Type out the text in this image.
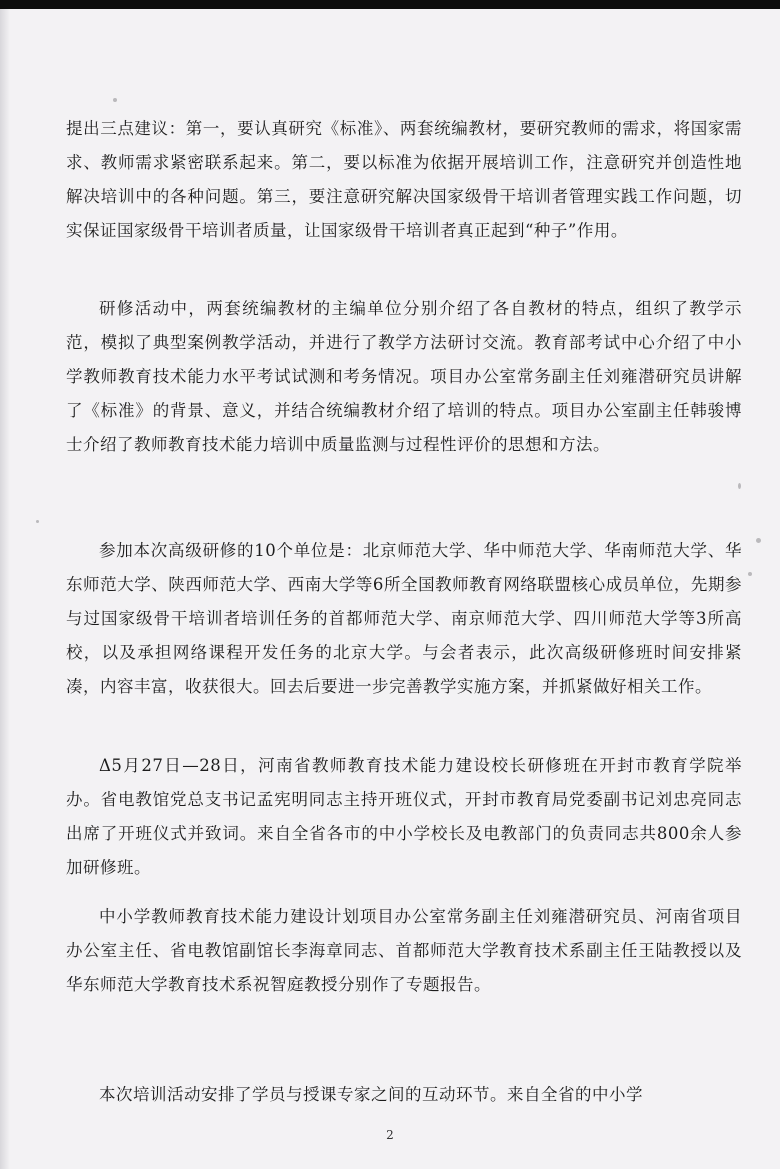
提出三点建议：第一，要认真研究《标准》、两套统编教材，要研究教师的需求，将国家需求、教师需求紧密联系起来。第二，要以标准为依据开展培训工作，注意研究并创造性地解决培训中的各种问题。第三，要注意研究解决国家级骨干培训者管理实践工作问题，切实保证国家级骨干培训者质量，让国家级骨干培训者真正起到“种子”作用。

研修活动中，两套统编教材的主编单位分别介绍了各自教材的特点，组织了教学示范，模拟了典型案例教学活动，并进行了教学方法研讨交流。教育部考试中心介绍了中小学教师教育技术能力水平考试试测和考务情况。项目办公室常务副主任刘雍潜研究员讲解了《标准》的背景、意义，并结合统编教材介绍了培训的特点。项目办公室副主任韩骏博士介绍了教师教育技术能力培训中质量监测与过程性评价的思想和方法。

参加本次高级研修的10个单位是：北京师范大学、华中师范大学、华南师范大学、华东师范大学、陕西师范大学、西南大学等6所全国教师教育网络联盟核心成员单位，先期参与过国家级骨干培训者培训任务的首都师范大学、南京师范大学、四川师范大学等3所高校，以及承担网络课程开发任务的北京大学。与会者表示，此次高级研修班时间安排紧凑，内容丰富，收获很大。回去后要进一步完善教学实施方案，并抓紧做好相关工作。

Δ5月27日—28日，河南省教师教育技术能力建设校长研修班在开封市教育学院举办。省电教馆党总支书记孟宪明同志主持开班仪式，开封市教育局党委副书记刘忠亮同志出席了开班仪式并致词。来自全省各市的中小学校长及电教部门的负责同志共800余人参加研修班。

中小学教师教育技术能力建设计划项目办公室常务副主任刘雍潜研究员、河南省项目办公室主任、省电教馆副馆长李海章同志、首都师范大学教育技术系副主任王陆教授以及华东师范大学教育技术系祝智庭教授分别作了专题报告。

本次培训活动安排了学员与授课专家之间的互动环节。来自全省的中小学

2
